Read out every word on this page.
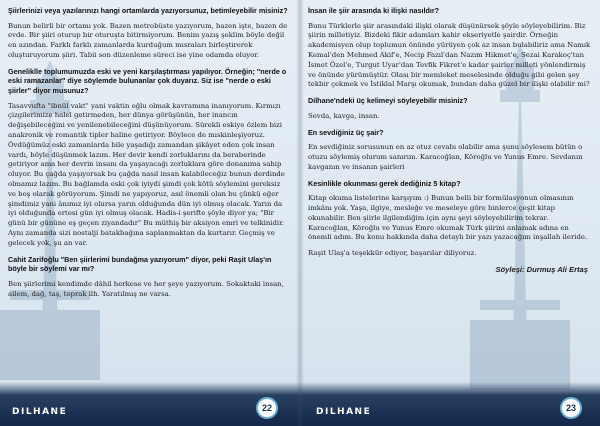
Şiirlerinizi veya yazılarınızı hangi ortamlarda yazıyorsunuz, betimleyebilir misiniz?

Bunun belirli bir ortamı yok. Bazen metrobüste yazıyorum, bazen işte, bazen de evde. Bir şiiri oturup bir oturuşta bitirmiyorum. Benim yazış şeklim böyle değil en azından. Farklı farklı zamanlarda kurduğum mısraları birleştirerek oluşturuyorum şiiri. Tabii son düzenleme süreci ise yine odamda oluyor.

Geneliklle toplumumuzda eski ve yeni karşılaştırması yapılıyor. Örneğin; "nerde o eski ramazanlar" diye söylemde bulunanlar çok duyarız. Siz ise "nerde o eski şiirler" diyor musunuz?

Tasavvufta "ibnül vakt" yani vaktin oğlu olmak kavramına inanıyorum. Kırmızı çizgilerimize halel getirmeden, her dünya görüşünün, her inancın değişebileceğini ve yenilenebileceğini düşünüyorum. Sürekli eskiye özlem bizi anakronik ve romantik tipler haline getiriyor. Böylece de mıskinleşiyoruz. Övdüğümüz eski zamanlarda bile yaşadığı zamandan şikâyet eden çok insan vardı, böyle düşünmek lazım. Her devir kendi zorluklarını da beraberinde getiriyor ama her devrin insanı da yaşayacağı zorluklara göre donanıma sahip oluyor. Bu çağda yaşıyorsak bu çağda nasıl insan kalabileceğiz bunun derdinde olmamız lazım. Bu bağlamda eski çok iyiydi şimdi çok kötü söylemini gereksiz ve boş olarak görüyorum. Şimdi ne yapıyoruz, asıl önemli olan bu çünkü eğer şimdimiz yani ânımız iyi olursa yarın olduğunda dün iyi olmuş olacak. Yarın da iyi olduğunda ertesi gün iyi olmuş olacak. Hadis-i şerifte şöyle diyor ya; "Bir günü bir gününe eş geçen ziyandadır" Bu müthiş bir aksiyon emri ve telkinidir. Aynı zamanda sizi nostalji batakbağına saplanmaktan da kurtarır. Geçmiş ve gelecek yok, şu an var.

Cahit Zarifoğlu "Ben şiirlerimi bundağma yazıyorum" diyor, peki Raşit Ulaş'ın böyle bir söylemi var mı?

Ben şiirlerimi kendimde dâhil herkese ve her şeye yazıyorum. Sokaktaki insan, ailem, dağ, taş, toprak ilh. Yaratılmış ne varsa.

DILHANE	22

İnsan ile şiir arasında ki ilişki nasıldır?

Bunu Türklerle şiir arasındaki ilişki olarak düşünürsek şöyle söyleyebilirim. Biz şiirin milletiyiz. Bizdeki fikir adamları kahir ekseriyetle şairdir. Örneğin akademisyen olup toplumun önünde yürüyen çok az insan bulabiliriz ama Namık Kemal'den Mehmed Akif'e, Necip Fazıl'dan Nazım Hikmet'e, Sezai Karakoç'tan İsmet Özel'e, Turgut Uyar'dan Tevfik Fikret'e kadar şairler milleti yönlendirmiş ve önünde yürümüştür. Olası bir memleket meselesinde olduğu gibi gelen şey tekbir çekmek ve İstiklal Marşı okumak, bundan daha güzel bir ilişki olabilir mi?

Dilhane'ndeki üç kelimeyi söyleyebilir misiniz?

Sevda, kavga, insan.

En sevdiğiniz üç şair?

En sevdiğiniz sorusunun en az otuz cevabı olabilir ama şunu söylesem bütün o otuzu söylemiş olurum sanırım. Karacoğlan, Köroğlu ve Yunus Emre. Sevdanın kavganın ve insanın şairleri

Kesinlikle okunması gerek dediğiniz 5 kitap?

Kitap okuma listelerine karşıyım :) Bunun belli bir formülasyonun olmasının imkânı yok. Yaşa, ilgiye, mesleğe ve meseleye göre binlerce çeşit kitap okunabilir. Ben şiirle ilgilendiğim için aynı şeyi söyleyebilirim tekrar. Karacoğlan, Köroğlu ve Yunus Emre okumak Türk şiirini anlamak adına en önemli adım. Bu konu hakkında daha detaylı bir yazı yazacağım inşallah ileride.

Raşit Ulaş'a teşekkür ediyor, başarılar diliyoruz.

Söyleşi: Durmuş Ali Ertaş
DILHANE	23
